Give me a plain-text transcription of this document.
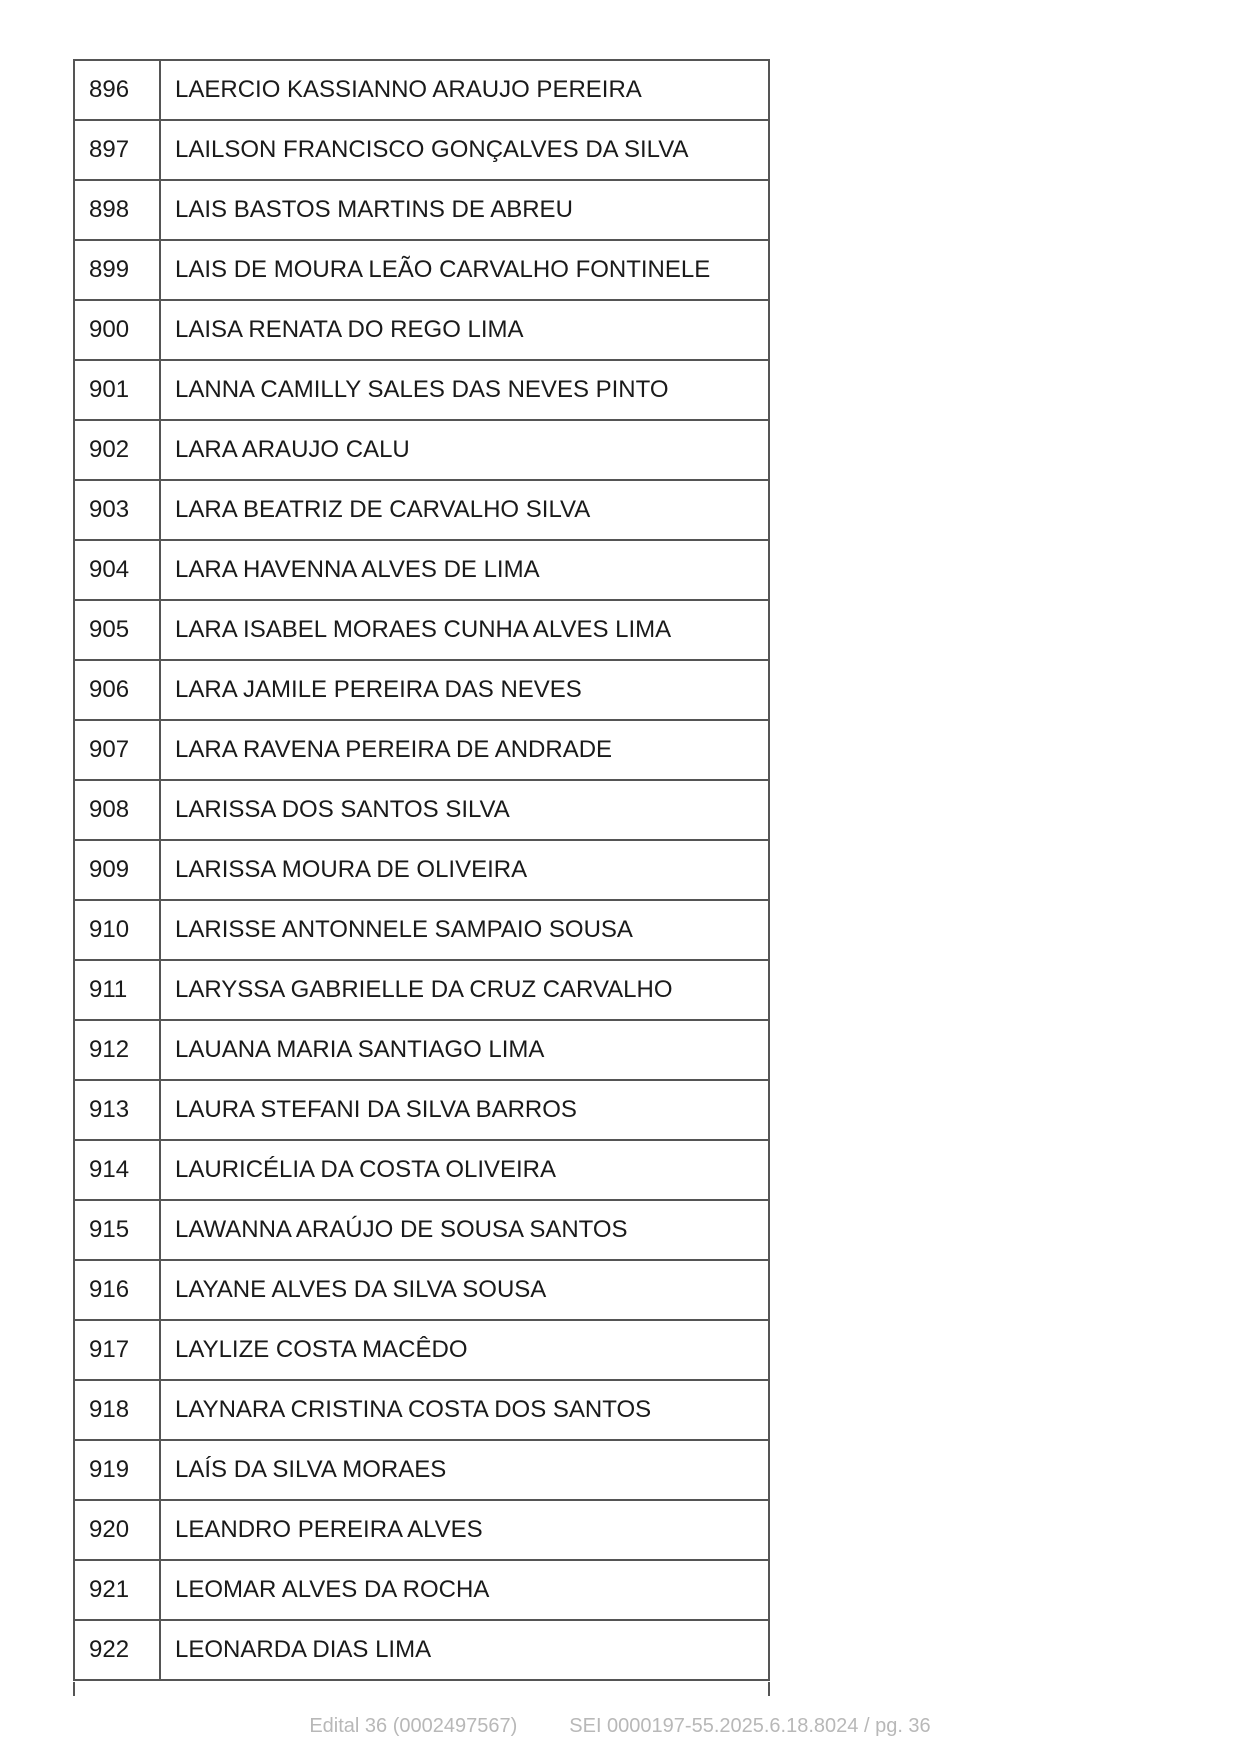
896	LAERCIO KASSIANNO ARAUJO PEREIRA
897	LAILSON FRANCISCO GONÇALVES DA SILVA
898	LAIS BASTOS MARTINS DE ABREU
899	LAIS DE MOURA LEÃO CARVALHO FONTINELE
900	LAISA RENATA DO REGO LIMA
901	LANNA CAMILLY SALES DAS NEVES PINTO
902	LARA ARAUJO CALU
903	LARA BEATRIZ DE CARVALHO SILVA
904	LARA HAVENNA ALVES DE LIMA
905	LARA ISABEL MORAES CUNHA ALVES LIMA
906	LARA JAMILE PEREIRA DAS NEVES
907	LARA RAVENA PEREIRA DE ANDRADE
908	LARISSA DOS SANTOS SILVA
909	LARISSA MOURA DE OLIVEIRA
910	LARISSE ANTONNELE SAMPAIO SOUSA
911	LARYSSA GABRIELLE DA CRUZ CARVALHO
912	LAUANA MARIA SANTIAGO LIMA
913	LAURA STEFANI DA SILVA BARROS
914	LAURICÉLIA DA COSTA OLIVEIRA
915	LAWANNA ARAÚJO DE SOUSA SANTOS
916	LAYANE ALVES DA SILVA SOUSA
917	LAYLIZE COSTA MACÊDO
918	LAYNARA CRISTINA COSTA DOS SANTOS
919	LAÍS DA SILVA MORAES
920	LEANDRO PEREIRA ALVES
921	LEOMAR ALVES DA ROCHA
922	LEONARDA DIAS LIMA
Edital 36 (0002497567)	SEI 0000197-55.2025.6.18.8024 / pg. 36
